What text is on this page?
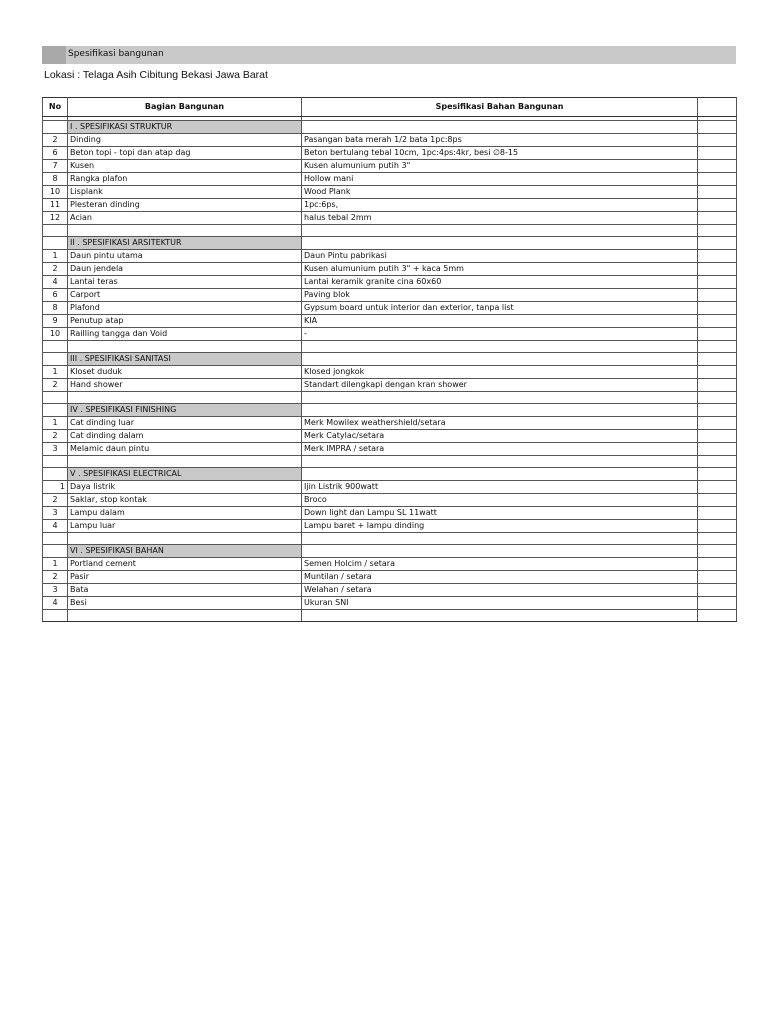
Spesifikasi bangunan
Lokasi : Telaga Asih Cibitung Bekasi Jawa Barat
No	Bagian Bangunan	Spesifikasi Bahan Bangunan	

	I . SPESIFIKASI STRUKTUR		
2	Dinding	Pasangan bata merah 1/2 bata 1pc:8ps	
6	Beton topi - topi dan atap dag	Beton bertulang tebal 10cm, 1pc:4ps:4kr, besi ∅8-15	
7	Kusen	Kusen alumunium putih 3"	
8	Rangka plafon	Hollow mani	
10	Lisplank	Wood Plank	
11	Plesteran dinding	1pc:6ps,	
12	Acian	halus tebal 2mm	

	II . SPESIFIKASI ARSITEKTUR		
1	Daun pintu utama	Daun Pintu pabrikasi	
2	Daun jendela	Kusen alumunium putih 3" + kaca 5mm	
4	Lantai teras	Lantai keramik granite cina 60x60	
6	Carport	Paving blok	
8	Plafond	Gypsum board untuk interior dan exterior, tanpa list	
9	Penutup atap	KIA	
10	Railling tangga dan Void	-	

	III . SPESIFIKASI SANITASI		
1	Kloset duduk	Klosed jongkok	
2	Hand shower	Standart dilengkapi dengan kran shower	

	IV . SPESIFIKASI FINISHING		
1	Cat dinding luar	Merk Mowilex weathershield/setara	
2	Cat dinding dalam	Merk Catylac/setara	
3	Melamic daun pintu	Merk IMPRA / setara	

	V . SPESIFIKASI ELECTRICAL		
1	Daya listrik	Ijin Listrik 900watt	
2	Saklar, stop kontak	Broco	
3	Lampu dalam	Down light dan Lampu SL 11watt	
4	Lampu luar	Lampu baret + lampu dinding	

	VI . SPESIFIKASI BAHAN		
1	Portland cement	Semen Holcim / setara	
2	Pasir	Muntilan / setara	
3	Bata	Welahan / setara	
4	Besi	Ukuran SNI	
